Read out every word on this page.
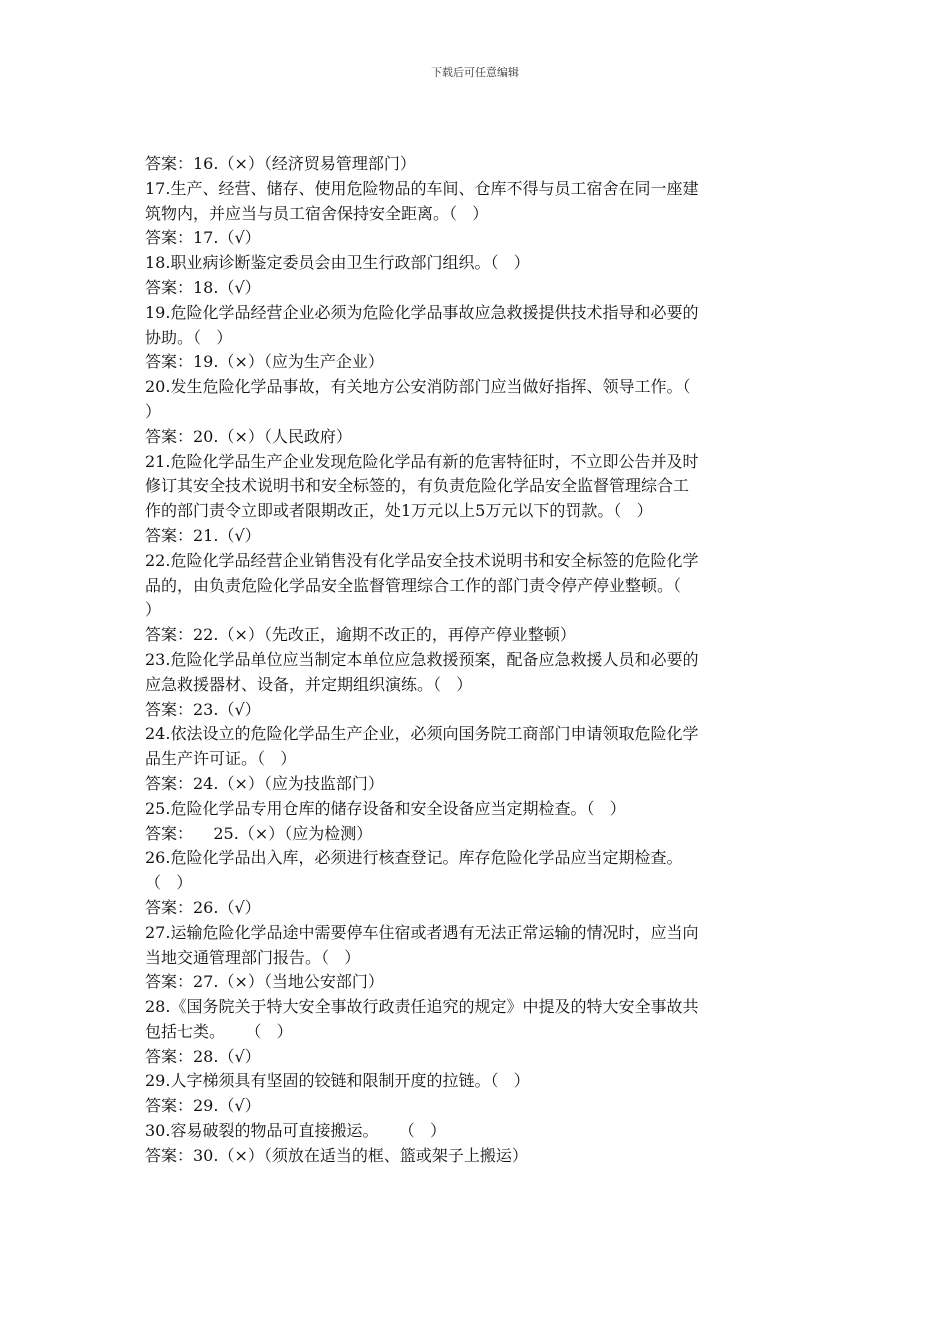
下载后可任意编辑
答案：16.（×）（经济贸易管理部门）
17.生产、经营、储存、使用危险物品的车间、仓库不得与员工宿舍在同一座建
筑物内，并应当与员工宿舍保持安全距离。（   ）
答案：17.（√）
18.职业病诊断鉴定委员会由卫生行政部门组织。（   ）
答案：18.（√）
19.危险化学品经营企业必须为危险化学品事故应急救援提供技术指导和必要的
协助。（   ）
答案：19.（×）（应为生产企业）
20.发生危险化学品事故，有关地方公安消防部门应当做好指挥、领导工作。（
）
答案：20.（×）（人民政府）
21.危险化学品生产企业发现危险化学品有新的危害特征时，不立即公告并及时
修订其安全技术说明书和安全标签的，有负责危险化学品安全监督管理综合工
作的部门责令立即或者限期改正，处1万元以上5万元以下的罚款。（   ）
答案：21.（√）
22.危险化学品经营企业销售没有化学品安全技术说明书和安全标签的危险化学
品的，由负责危险化学品安全监督管理综合工作的部门责令停产停业整顿。（
）
答案：22.（×）（先改正，逾期不改正的，再停产停业整顿）
23.危险化学品单位应当制定本单位应急救援预案，配备应急救援人员和必要的
应急救援器材、设备，并定期组织演练。（   ）
答案：23.（√）
24.依法设立的危险化学品生产企业，必须向国务院工商部门申请领取危险化学
品生产许可证。（   ）
答案：24.（×）（应为技监部门）
25.危险化学品专用仓库的储存设备和安全设备应当定期检查。（   ）
答案：    25.（×）（应为检测）
26.危险化学品出入库，必须进行核查登记。库存危险化学品应当定期检查。
（   ）
答案：26.（√）
27.运输危险化学品途中需要停车住宿或者遇有无法正常运输的情况时，应当向
当地交通管理部门报告。（   ）
答案：27.（×）（当地公安部门）
28.《国务院关于特大安全事故行政责任追究的规定》中提及的特大安全事故共
包括七类。    （   ）
答案：28.（√）
29.人字梯须具有坚固的铰链和限制开度的拉链。（   ）
答案：29.（√）
30.容易破裂的物品可直接搬运。    （   ）
答案：30.（×）（须放在适当的框、篮或架子上搬运）
